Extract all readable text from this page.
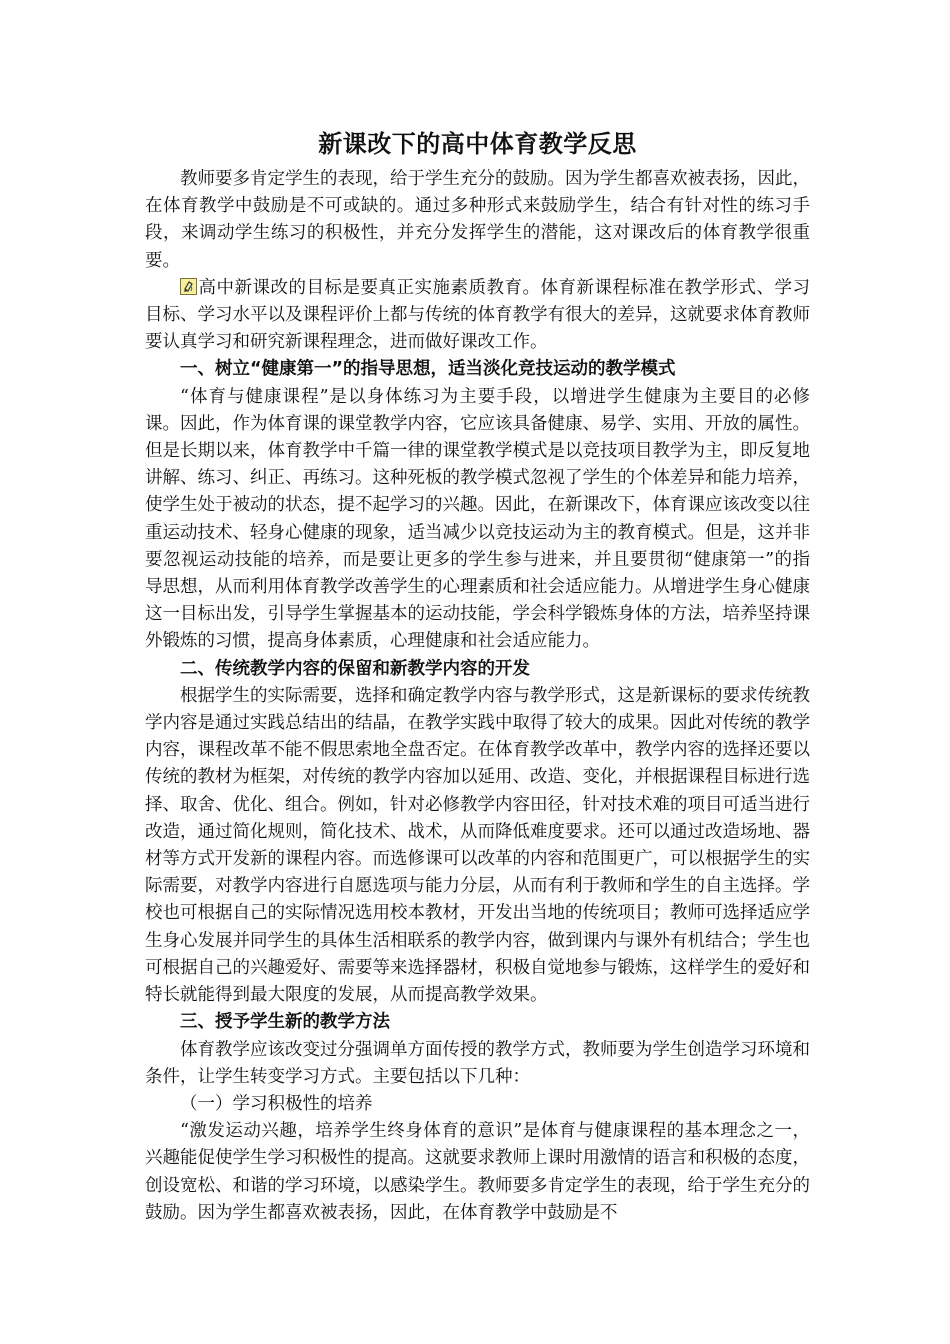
新课改下的高中体育教学反思

教师要多肯定学生的表现，给于学生充分的鼓励。因为学生都喜欢被表扬，因此，在体育教学中鼓励是不可或缺的。通过多种形式来鼓励学生，结合有针对性的练习手段，来调动学生练习的积极性，并充分发挥学生的潜能，这对课改后的体育教学很重要。

高中新课改的目标是要真正实施素质教育。体育新课程标准在教学形式、学习目标、学习水平以及课程评价上都与传统的体育教学有很大的差异，这就要求体育教师要认真学习和研究新课程理念，进而做好课改工作。

一、树立“健康第一”的指导思想，适当淡化竞技运动的教学模式

“体育与健康课程”是以身体练习为主要手段，以增进学生健康为主要目的必修课。因此，作为体育课的课堂教学内容，它应该具备健康、易学、实用、开放的属性。但是长期以来，体育教学中千篇一律的课堂教学模式是以竞技项目教学为主，即反复地讲解、练习、纠正、再练习。这种死板的教学模式忽视了学生的个体差异和能力培养，使学生处于被动的状态，提不起学习的兴趣。因此，在新课改下，体育课应该改变以往重运动技术、轻身心健康的现象，适当减少以竞技运动为主的教育模式。但是，这并非要忽视运动技能的培养，而是要让更多的学生参与进来，并且要贯彻“健康第一”的指导思想，从而利用体育教学改善学生的心理素质和社会适应能力。从增进学生身心健康这一目标出发，引导学生掌握基本的运动技能，学会科学锻炼身体的方法，培养坚持课外锻炼的习惯，提高身体素质，心理健康和社会适应能力。

二、传统教学内容的保留和新教学内容的开发

根据学生的实际需要，选择和确定教学内容与教学形式，这是新课标的要求传统教学内容是通过实践总结出的结晶，在教学实践中取得了较大的成果。因此对传统的教学内容，课程改革不能不假思索地全盘否定。在体育教学改革中，教学内容的选择还要以传统的教材为框架，对传统的教学内容加以延用、改造、变化，并根据课程目标进行选择、取舍、优化、组合。例如，针对必修教学内容田径，针对技术难的项目可适当进行改造，通过简化规则，简化技术、战术，从而降低难度要求。还可以通过改造场地、器材等方式开发新的课程内容。而选修课可以改革的内容和范围更广，可以根据学生的实际需要，对教学内容进行自愿选项与能力分层，从而有利于教师和学生的自主选择。学校也可根据自己的实际情况选用校本教材，开发出当地的传统项目；教师可选择适应学生身心发展并同学生的具体生活相联系的教学内容，做到课内与课外有机结合；学生也可根据自己的兴趣爱好、需要等来选择器材，积极自觉地参与锻炼，这样学生的爱好和特长就能得到最大限度的发展，从而提高教学效果。

三、授予学生新的教学方法

体育教学应该改变过分强调单方面传授的教学方式，教师要为学生创造学习环境和条件，让学生转变学习方式。主要包括以下几种：

（一）学习积极性的培养

“激发运动兴趣，培养学生终身体育的意识”是体育与健康课程的基本理念之一，兴趣能促使学生学习积极性的提高。这就要求教师上课时用激情的语言和积极的态度，创设宽松、和谐的学习环境，以感染学生。教师要多肯定学生的表现，给于学生充分的鼓励。因为学生都喜欢被表扬，因此，在体育教学中鼓励是不
